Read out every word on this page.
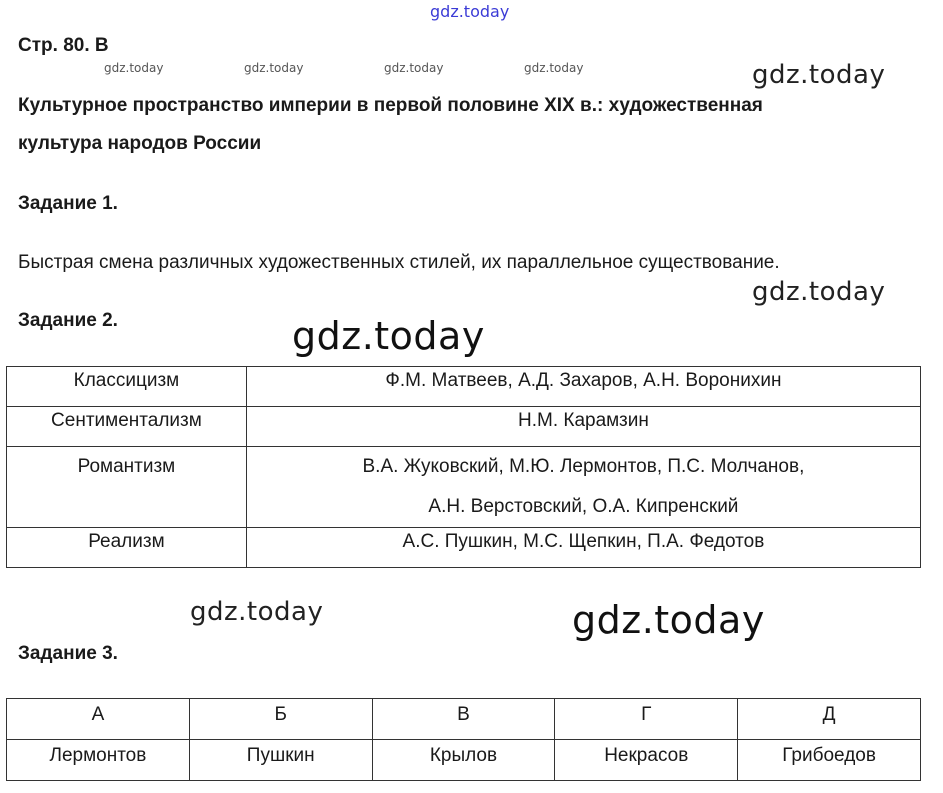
gdz.today
Стр. 80. В
gdz.today	gdz.today	gdz.today	gdz.today	gdz.today
Культурное пространство империи в первой половине XIX в.: художественная
культура народов России
Задание 1.
Быстрая смена различных художественных стилей, их параллельное существование.
gdz.today
Задание 2.	gdz.today
Классицизм	Ф.М. Матвеев, А.Д. Захаров, А.Н. Воронихин
Сентиментализм	Н.М. Карамзин
Романтизм	В.А. Жуковский, М.Ю. Лермонтов, П.С. Молчанов,
А.Н. Верстовский, О.А. Кипренский

Реализм	А.С. Пушкин, М.С. Щепкин, П.А. Федотов
gdz.today	gdz.today
Задание 3.
А	Б	В	Г	Д
Лермонтов	Пушкин	Крылов	Некрасов	Грибоедов
